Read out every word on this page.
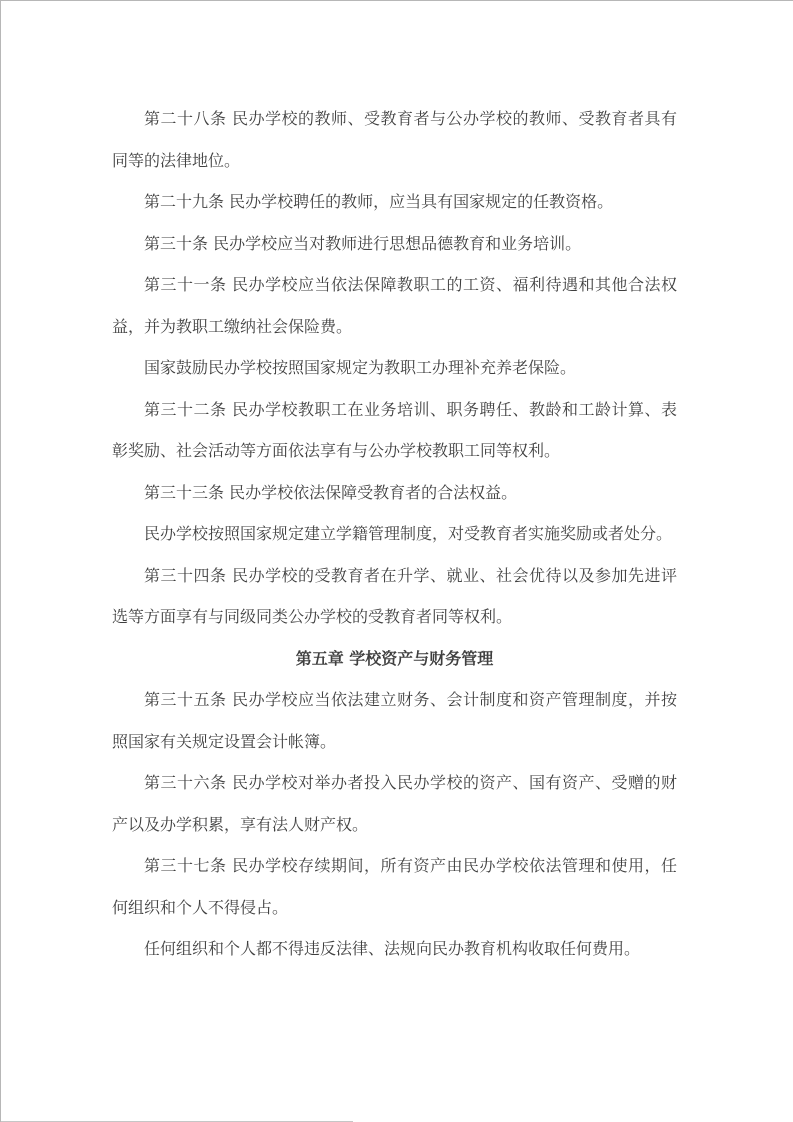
第二十八条 民办学校的教师、受教育者与公办学校的教师、受教育者具有同等的法律地位。

第二十九条 民办学校聘任的教师，应当具有国家规定的任教资格。

第三十条 民办学校应当对教师进行思想品德教育和业务培训。

第三十一条 民办学校应当依法保障教职工的工资、福利待遇和其他合法权益，并为教职工缴纳社会保险费。

国家鼓励民办学校按照国家规定为教职工办理补充养老保险。

第三十二条 民办学校教职工在业务培训、职务聘任、教龄和工龄计算、表彰奖励、社会活动等方面依法享有与公办学校教职工同等权利。

第三十三条 民办学校依法保障受教育者的合法权益。

民办学校按照国家规定建立学籍管理制度，对受教育者实施奖励或者处分。

第三十四条 民办学校的受教育者在升学、就业、社会优待以及参加先进评选等方面享有与同级同类公办学校的受教育者同等权利。

第五章 学校资产与财务管理

第三十五条 民办学校应当依法建立财务、会计制度和资产管理制度，并按照国家有关规定设置会计帐簿。

第三十六条 民办学校对举办者投入民办学校的资产、国有资产、受赠的财产以及办学积累，享有法人财产权。

第三十七条 民办学校存续期间，所有资产由民办学校依法管理和使用，任何组织和个人不得侵占。

任何组织和个人都不得违反法律、法规向民办教育机构收取任何费用。
